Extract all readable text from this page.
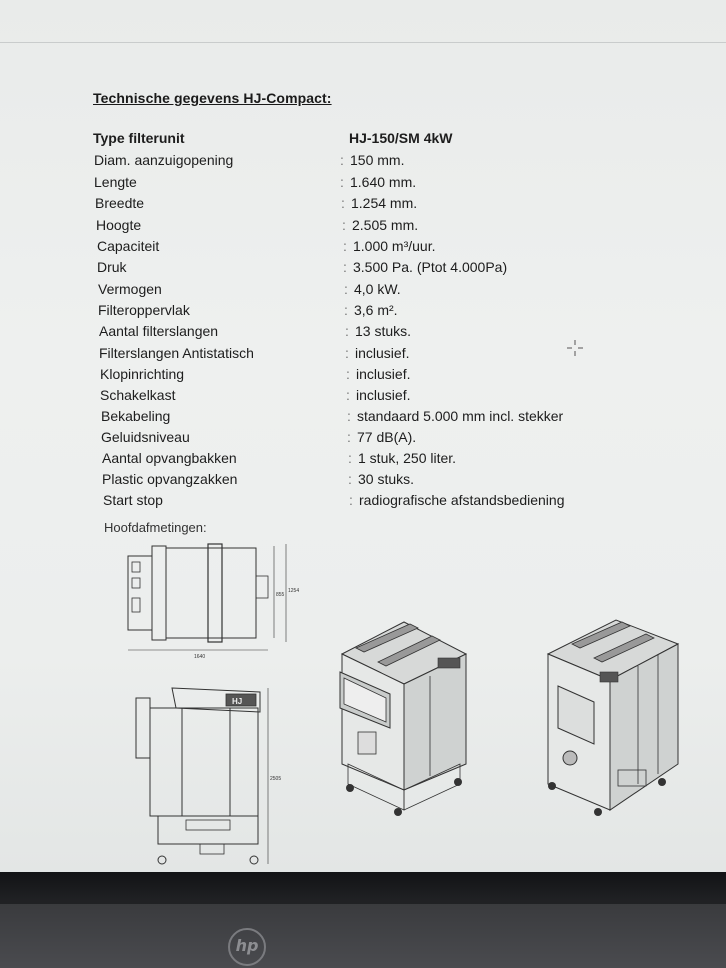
Technische gegevens HJ-Compact:
Type filterunit	HJ-150/SM 4kW
Diam. aanzuigopening	: 150 mm.
Lengte	: 1.640 mm.
Breedte	: 1.254 mm.
Hoogte	: 2.505 mm.
Capaciteit	: 1.000 m³/uur.
Druk	: 3.500 Pa. (Ptot 4.000Pa)
Vermogen	: 4,0 kW.
Filteroppervlak	: 3,6 m².
Aantal filterslangen	: 13 stuks.
Filterslangen Antistatisch	: inclusief.
Klopinrichting	: inclusief.
Schakelkast	: inclusief.
Bekabeling	: standaard 5.000 mm incl. stekker
Geluidsniveau	: 77 dB(A).
Aantal opvangbakken	: 1 stuk, 250 liter.
Plastic opvangzakken	: 30 stuks.
Start stop	: radiografische afstandsbediening
Hoofdafmetingen:
1640
855
1254
HJ
2505
hp
